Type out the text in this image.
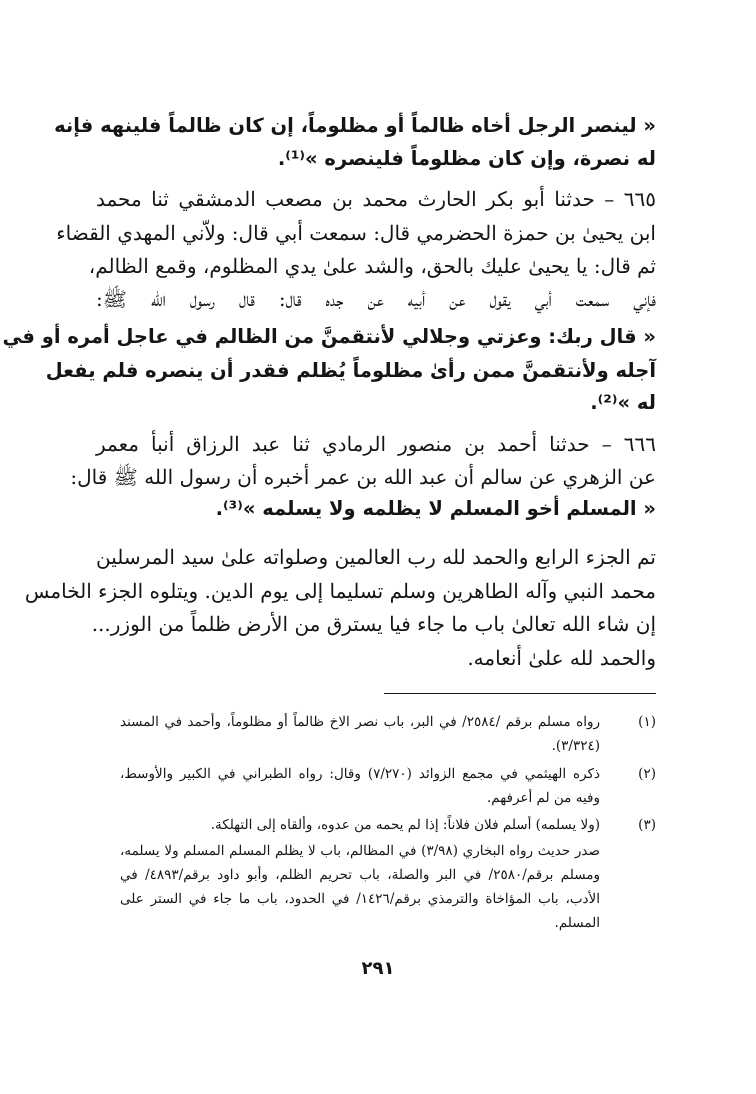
« لينصر الرجل أخاه ظالماً أو مظلوماً، إن كان ظالماً فلينهه فإنه
له نصرة، وإن كان مظلوماً فلينصره »⁽¹⁾.
٦٦٥ – حدثنا أبو بكر الحارث محمد بن مصعب الدمشقي ثنا محمد
ابن يحيىٰ بن حمزة الحضرمي قال: سمعت أبي قال: ولاّني المهدي القضاء
ثم قال: يا يحيىٰ عليك بالحق، والشد علىٰ يدي المظلوم، وقمع الظالم،
فإني سمعت أبي يقول عن أبيه عن جده قال: قال رسول الله ﷺ:
« قال ربك: وعزتي وجلالي لأنتقمنَّ من الظالم في عاجل أمره أو في
آجله ولأنتقمنَّ ممن رأىٰ مظلوماً يُظلم فقدر أن ينصره فلم يفعل
له »⁽²⁾.
٦٦٦ – حدثنا أحمد بن منصور الرمادي ثنا عبد الرزاق أنبأ معمر
عن الزهري عن سالم أن عبد الله بن عمر أخبره أن رسول الله ﷺ قال:
« المسلم أخو المسلم لا يظلمه ولا يسلمه »⁽³⁾.
تم الجزء الرابع والحمد لله رب العالمين وصلواته علىٰ سيد المرسلين
محمد النبي وآله الطاهرين وسلم تسليما إلى يوم الدين. ويتلوه الجزء الخامس
إن شاء الله تعالىٰ باب ما جاء فيا يسترق من الأرض ظلماً من الوزر...
والحمد لله علىٰ أنعامه.
(١)
رواه مسلم برقم /٢٥٨٤/ في البر، باب نصر الاخ ظالماً أو مظلوماً، وأحمد في المسند
(٣/٣٢٤).
(٢)
ذكره الهيثمي في مجمع الزوائد (٧/٢٧٠) وقال: رواه الطبراني في الكبير والأوسط،
وفيه من لم أعرفهم.
(٣)
(ولا يسلمه) أسلم فلان فلاناً: إذا لم يحمه من عدوه، وألقاه إلى التهلكة.
صدر حديث رواه البخاري (٣/٩٨) في المظالم، باب لا يظلم المسلم المسلم ولا يسلمه،
ومسلم برقم/٢٥٨٠/ في البر والصلة، باب تحريم الظلم، وأبو داود برقم/٤٨٩٣/ في
الأدب، باب المؤاخاة والترمذي برقم/١٤٢٦/ في الحدود، باب ما جاء في الستر على
المسلم.
٢٩١
